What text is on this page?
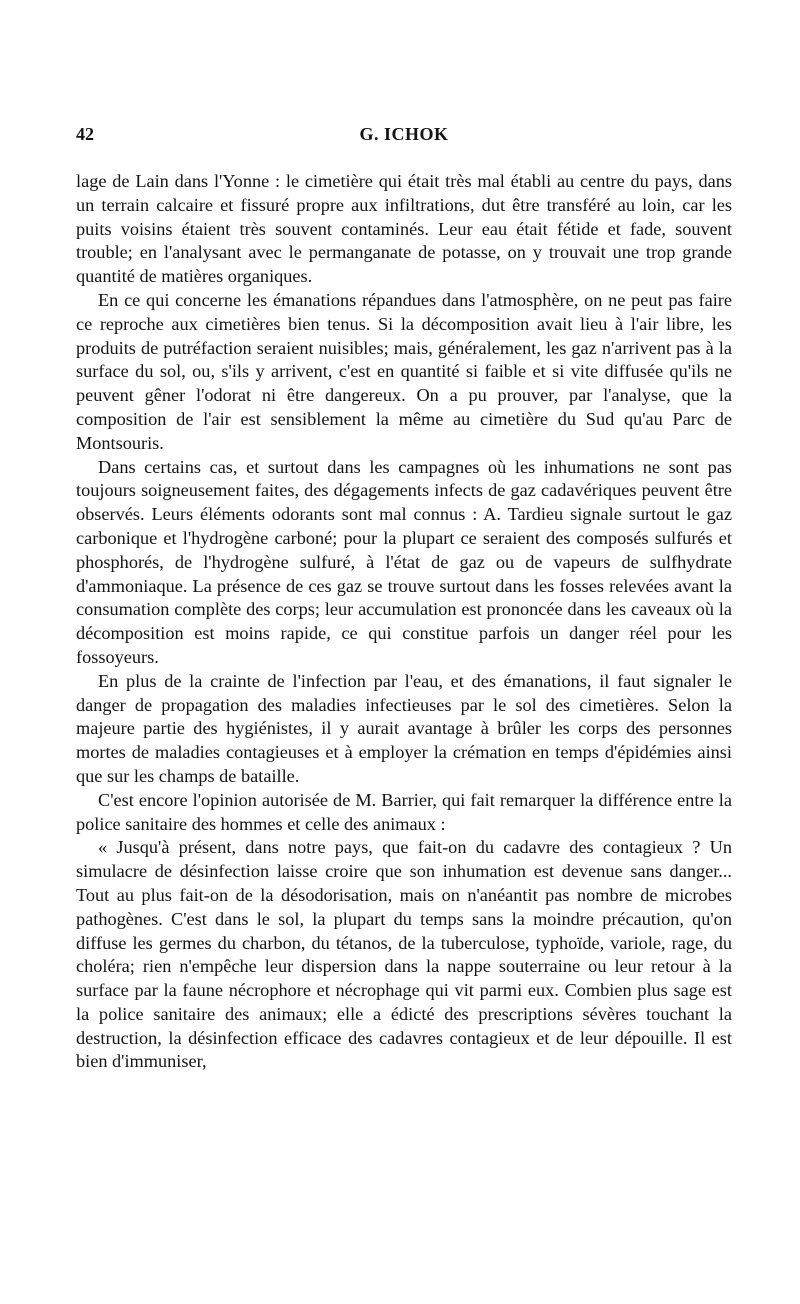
42	G. ICHOK

lage de Lain dans l'Yonne : le cimetière qui était très mal établi au centre du pays, dans un terrain calcaire et fissuré propre aux infiltrations, dut être transféré au loin, car les puits voisins étaient très souvent contaminés. Leur eau était fétide et fade, souvent trouble; en l'analysant avec le permanganate de potasse, on y trouvait une trop grande quantité de matières organiques.

En ce qui concerne les émanations répandues dans l'atmosphère, on ne peut pas faire ce reproche aux cimetières bien tenus. Si la décomposition avait lieu à l'air libre, les produits de putréfaction seraient nuisibles; mais, généralement, les gaz n'arrivent pas à la surface du sol, ou, s'ils y arrivent, c'est en quantité si faible et si vite diffusée qu'ils ne peuvent gêner l'odorat ni être dangereux. On a pu prouver, par l'analyse, que la composition de l'air est sensiblement la même au cimetière du Sud qu'au Parc de Montsouris.

Dans certains cas, et surtout dans les campagnes où les inhumations ne sont pas toujours soigneusement faites, des dégagements infects de gaz cadavériques peuvent être observés. Leurs éléments odorants sont mal connus : A. Tardieu signale surtout le gaz carbonique et l'hydrogène carboné; pour la plupart ce seraient des composés sulfurés et phosphorés, de l'hydrogène sulfuré, à l'état de gaz ou de vapeurs de sulfhydrate d'ammoniaque. La présence de ces gaz se trouve surtout dans les fosses relevées avant la consumation complète des corps; leur accumulation est prononcée dans les caveaux où la décomposition est moins rapide, ce qui constitue parfois un danger réel pour les fossoyeurs.

En plus de la crainte de l'infection par l'eau, et des émanations, il faut signaler le danger de propagation des maladies infectieuses par le sol des cimetières. Selon la majeure partie des hygiénistes, il y aurait avantage à brûler les corps des personnes mortes de maladies contagieuses et à employer la crémation en temps d'épidémies ainsi que sur les champs de bataille.

C'est encore l'opinion autorisée de M. Barrier, qui fait remarquer la différence entre la police sanitaire des hommes et celle des animaux :

« Jusqu'à présent, dans notre pays, que fait-on du cadavre des contagieux ? Un simulacre de désinfection laisse croire que son inhumation est devenue sans danger... Tout au plus fait-on de la désodorisation, mais on n'anéantit pas nombre de microbes pathogènes. C'est dans le sol, la plupart du temps sans la moindre précaution, qu'on diffuse les germes du charbon, du tétanos, de la tuberculose, typhoïde, variole, rage, du choléra; rien n'empêche leur dispersion dans la nappe souterraine ou leur retour à la surface par la faune nécrophore et nécrophage qui vit parmi eux. Combien plus sage est la police sanitaire des animaux; elle a édicté des prescriptions sévères touchant la destruction, la désinfection efficace des cadavres contagieux et de leur dépouille. Il est bien d'immuniser,
